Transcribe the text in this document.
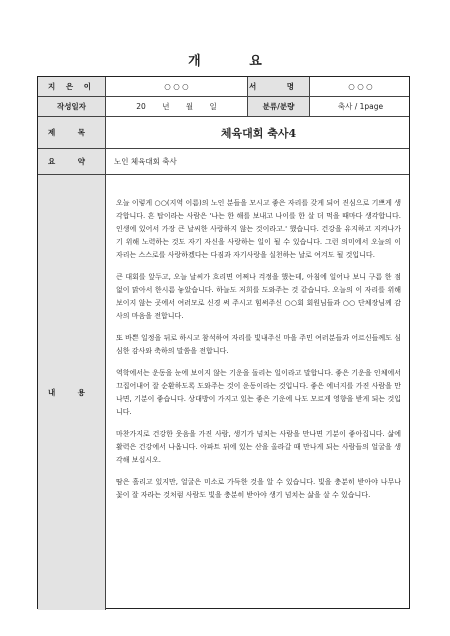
개 요
지 은 이	○ ○ ○	서 명	○ ○ ○
작성일자	20 년 월 일	분류/분량	축사 / 1page
제 목	체육대회 축사4
요 약	노인 체육대회 축사
내 용

오늘 이렇게 ○○(지역 이름)의 노인 분들을 모시고 좋은 자리를 갖게 되어 진심으로 기쁘게 생각합니다. 흔 탑이라는 사람은 '나는 한 해를 보내고 나이를 한 살 더 먹을 때마다 생각합니다. 인생에 있어서 가장 큰 날씨한 사랑하지 않는 것이라고.' 했습니다. 건강을 유지하고 지켜나가기 위해 노력하는 것도 자기 자신을 사랑하는 일이 될 수 있습니다. 그런 의미에서 오늘의 이 자리는 스스로를 사랑하겠다는 다짐과 자기사랑을 실천하는 날로 여겨도 될 것입니다.

큰 대회를 앞두고, 오늘 날씨가 흐리면 어쩌나 걱정을 했는데, 아침에 일어나 보니 구름 한 점 없이 맑아서 한시름 놓았습니다. 하늘도 저희를 도와주는 것 같습니다. 오늘의 이 자리를 위해 보이지 않는 곳에서 여러모로 신경 써 주시고 힘써주신 ○○회 회원님들과 ○○ 단체장님께 감사의 마음을 전합니다.

또 바쁜 일정을 뒤로 하시고 참석하여 자리를 빛내주신 마을 주민 여러분들과 어르신들께도 심심한 감사와 축하의 말씀을 전합니다.

역학에서는 운동을 눈에 보이지 않는 기운을 돌리는 일이라고 말합니다. 좋은 기운을 인체에서 끄집어내어 잘 순환하도록 도와주는 것이 운동이라는 것입니다. 좋은 에너지를 가진 사람을 만나면, 기분이 좋습니다. 상대방이 가지고 있는 좋은 기운에 나도 모르게 영향을 받게 되는 것입니다.

마찬가지로 건강한 웃음을 가진 사람, 생기가 넘치는 사람을 만나면 기분이 좋아집니다. 삶에 활력은 건강에서 나옵니다. 아파트 뒤에 있는 산을 올라갈 때 만나게 되는 사람들의 얼굴을 생각해 보십시오.

땀은 흘리고 있지만, 얼굴은 미소로 가득한 것을 알 수 있습니다. 빛을 충분히 받아야 나무나 꽃이 잘 자라는 것처럼 사람도 빛을 충분히 받아야 생기 넘치는 삶을 살 수 있습니다.
